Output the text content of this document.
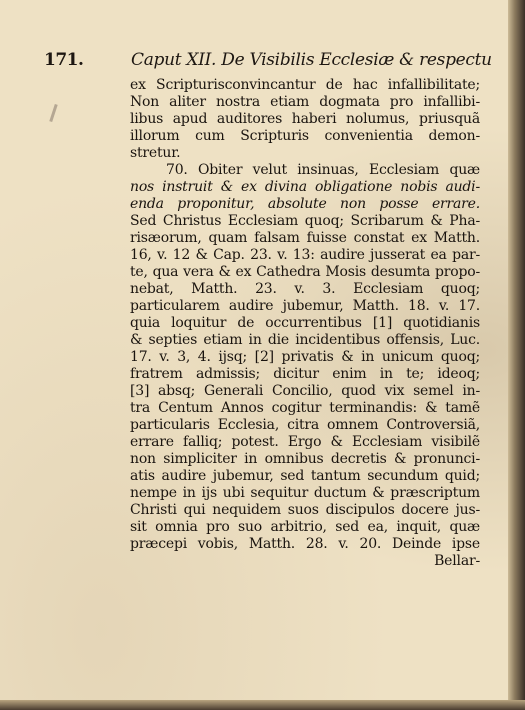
171.	Caput XII. De Visibilis Ecclesiæ & respectu
ex Scripturisconvincantur de hac infallibilitate;
Non aliter nostra etiam dogmata pro infallibi-
libus apud auditores haberi nolumus, priusquã
illorum cum Scripturis convenientia demon-
stretur.
70. Obiter velut insinuas, Ecclesiam quæ
nos instruit & ex divina obligatione nobis audi-
enda proponitur, absolute non posse errare.
Sed Christus Ecclesiam quoq; Scribarum & Pha-
risæorum, quam falsam fuisse constat ex Matth.
16, v. 12 & Cap. 23. v. 13: audire jusserat ea par-
te, qua vera & ex Cathedra Mosis desumta propo-
nebat, Matth. 23. v. 3. Ecclesiam quoq;
particularem audire jubemur, Matth. 18. v. 17.
quia loquitur de occurrentibus [1] quotidianis
& septies etiam in die incidentibus offensis, Luc.
17. v. 3, 4. ijsq; [2] privatis & in unicum quoq;
fratrem admissis; dicitur enim in te; ideoq;
[3] absq; Generali Concilio, quod vix semel in-
tra Centum Annos cogitur terminandis: & tamẽ
particularis Ecclesia, citra omnem Controversiã,
errare falliq; potest. Ergo & Ecclesiam visibilẽ
non simpliciter in omnibus decretis & pronunci-
atis audire jubemur, sed tantum secundum quid;
nempe in ijs ubi sequitur ductum & præscriptum
Christi qui nequidem suos discipulos docere jus-
sit omnia pro suo arbitrio, sed ea, inquit, quæ
præcepi vobis, Matth. 28. v. 20. Deinde ipse
Bellar-
